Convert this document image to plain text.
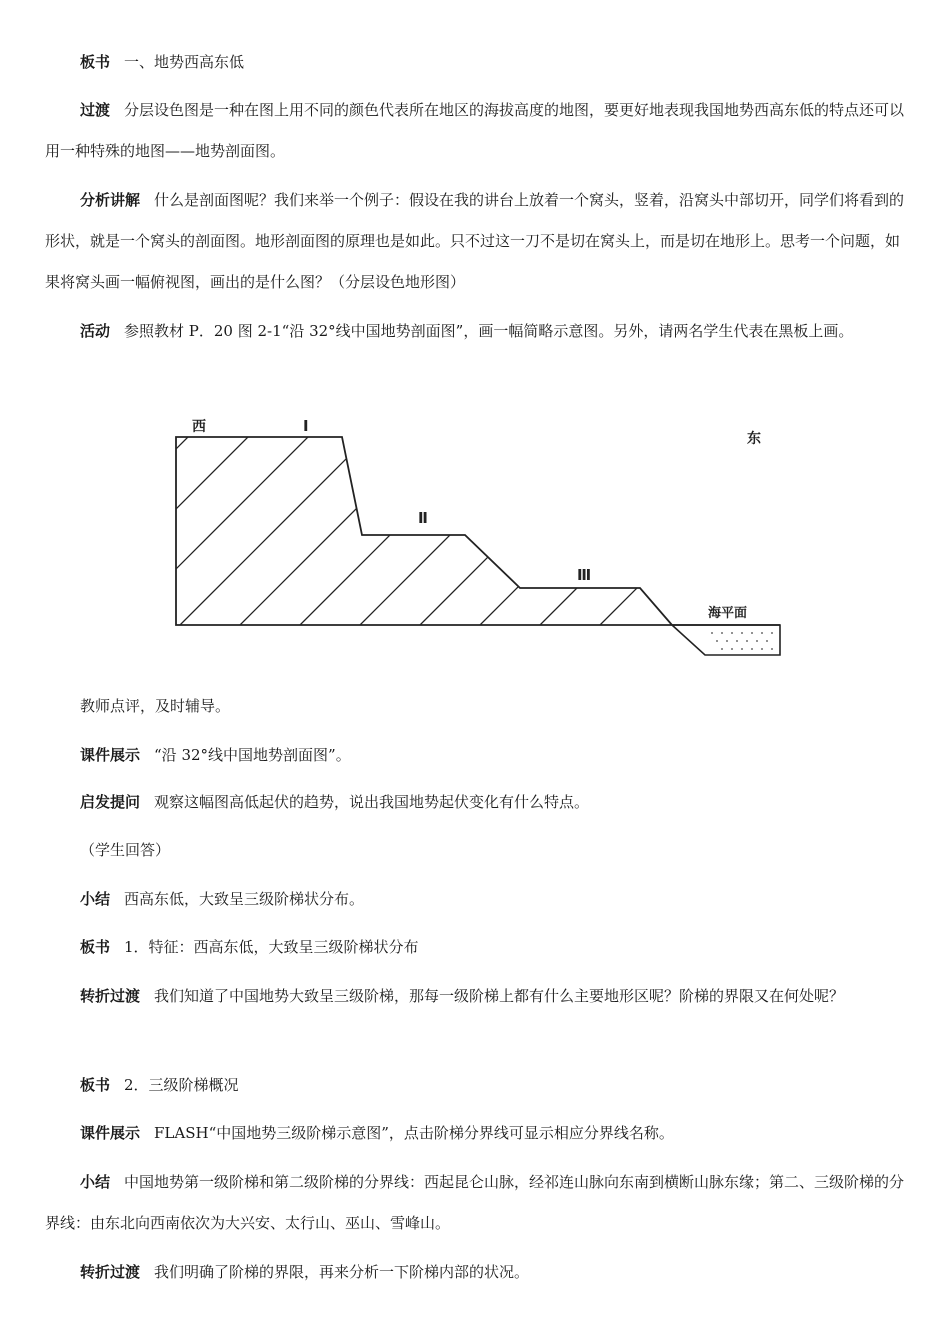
板书 一、地势西高东低

过渡 分层设色图是一种在图上用不同的颜色代表所在地区的海拔高度的地图，要更好地表现我国地势西高东低的特点还可以用一种特殊的地图——地势剖面图。

分析讲解 什么是剖面图呢？我们来举一个例子：假设在我的讲台上放着一个窝头，竖着，沿窝头中部切开，同学们将看到的形状，就是一个窝头的剖面图。地形剖面图的原理也是如此。只不过这一刀不是切在窝头上，而是切在地形上。思考一个问题，如果将窝头画一幅俯视图，画出的是什么图？（分层设色地形图）

活动 参照教材 P．20 图 2-1“沿 32°线中国地势剖面图”，画一幅简略示意图。另外，请两名学生代表在黑板上画。

西	Ⅰ
东
Ⅱ
Ⅲ
海平面

教师点评，及时辅导。

课件展示 “沿 32°线中国地势剖面图”。

启发提问 观察这幅图高低起伏的趋势，说出我国地势起伏变化有什么特点。

（学生回答）

小结 西高东低，大致呈三级阶梯状分布。

板书 1．特征：西高东低，大致呈三级阶梯状分布

转折过渡 我们知道了中国地势大致呈三级阶梯，那每一级阶梯上都有什么主要地形区呢？阶梯的界限又在何处呢？

板书 2．三级阶梯概况

课件展示 FLASH“中国地势三级阶梯示意图”，点击阶梯分界线可显示相应分界线名称。

小结 中国地势第一级阶梯和第二级阶梯的分界线：西起昆仑山脉，经祁连山脉向东南到横断山脉东缘；第二、三级阶梯的分界线：由东北向西南依次为大兴安、太行山、巫山、雪峰山。

转折过渡 我们明确了阶梯的界限，再来分析一下阶梯内部的状况。
